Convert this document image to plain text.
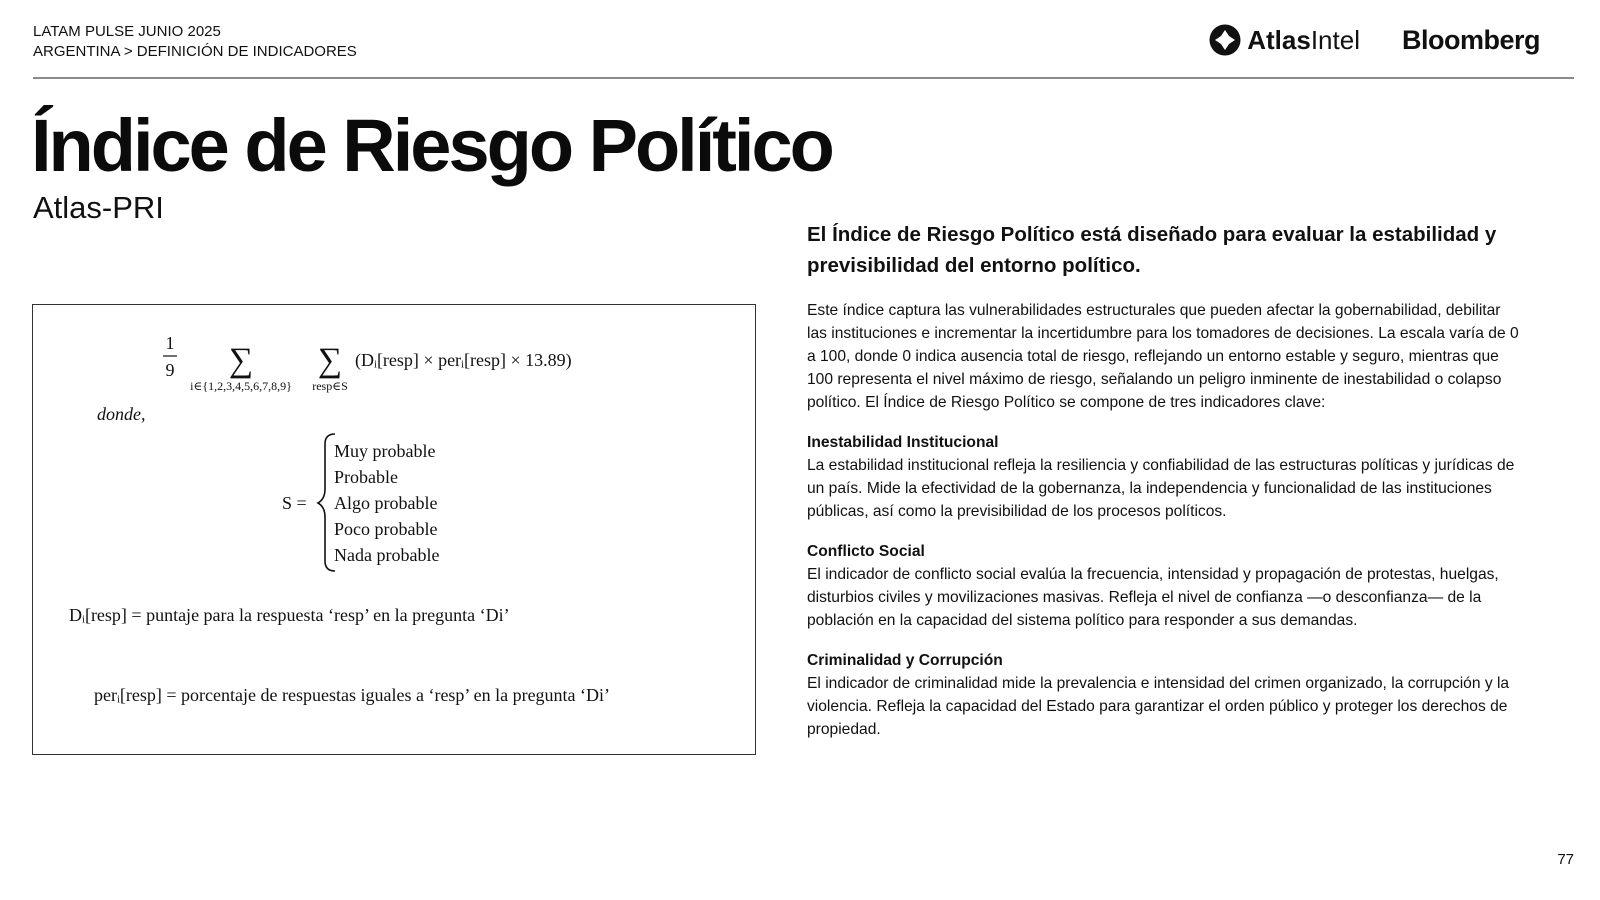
LATAM PULSE JUNIO 2025
ARGENTINA > DEFINICIÓN DE INDICADORES	Atlas Intel Bloomberg
Índice de Riesgo Político
Atlas-PRI
1
9 ∑
i∈{1,2,3,4,5,6,7,8,9}
∑
resp∈S
(Dᵢ[resp] × perᵢ[resp] × 13.89)
donde,
S =
Muy probable
Probable
Algo probable
Poco probable
Nada probable
Dᵢ[resp] = puntaje para la respuesta ‘resp’ en la pregunta ‘Di’
perᵢ[resp] = porcentaje de respuestas iguales a ‘resp’ en la pregunta ‘Di’

El Índice de Riesgo Político está diseñado para evaluar la estabilidad y previsibilidad del entorno político.

Este índice captura las vulnerabilidades estructurales que pueden afectar la gobernabilidad, debilitar las instituciones e incrementar la incertidumbre para los tomadores de decisiones. La escala varía de 0 a 100, donde 0 indica ausencia total de riesgo, reflejando un entorno estable y seguro, mientras que 100 representa el nivel máximo de riesgo, señalando un peligro inminente de inestabilidad o colapso político. El Índice de Riesgo Político se compone de tres indicadores clave:

Inestabilidad Institucional

La estabilidad institucional refleja la resiliencia y confiabilidad de las estructuras políticas y jurídicas de un país. Mide la efectividad de la gobernanza, la independencia y funcionalidad de las instituciones públicas, así como la previsibilidad de los procesos políticos.

Conflicto Social

El indicador de conflicto social evalúa la frecuencia, intensidad y propagación de protestas, huelgas, disturbios civiles y movilizaciones masivas. Refleja el nivel de confianza —o desconfianza— de la población en la capacidad del sistema político para responder a sus demandas.

Criminalidad y Corrupción

El indicador de criminalidad mide la prevalencia e intensidad del crimen organizado, la corrupción y la violencia. Refleja la capacidad del Estado para garantizar el orden público y proteger los derechos de propiedad.

77
